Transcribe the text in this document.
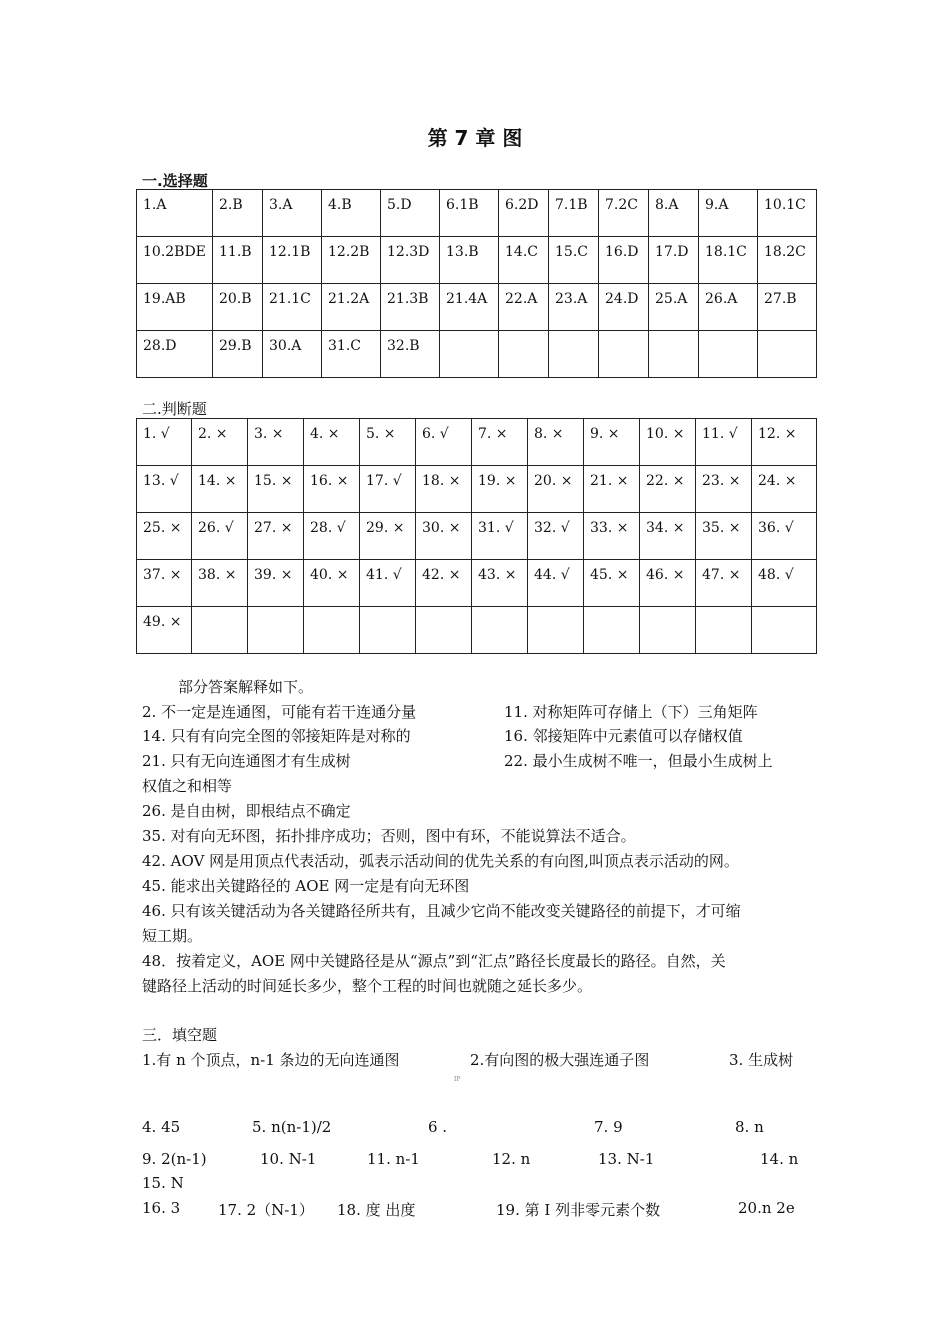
第 7 章 图
一.选择题
1.A	2.B	3.A	4.B	5.D	6.1B	6.2D	7.1B	7.2C	8.A	9.A	10.1C
10.2BDE	11.B	12.1B	12.2B	12.3D	13.B	14.C	15.C	16.D	17.D	18.1C	18.2C
19.AB	20.B	21.1C	21.2A	21.3B	21.4A	22.A	23.A	24.D	25.A	26.A	27.B
28.D	29.B	30.A	31.C	32.B							
二.判断题
1. √	2. ×	3. ×	4. ×	5. ×	6. √	7. ×	8. ×	9. ×	10. ×	11. √	12. ×
13. √	14. ×	15. ×	16. ×	17. √	18. ×	19. ×	20. ×	21. ×	22. ×	23. ×	24. ×
25. ×	26. √	27. ×	28. √	29. ×	30. ×	31. √	32. √	33. ×	34. ×	35. ×	36. √
37. ×	38. ×	39. ×	40. ×	41. √	42. ×	43. ×	44. √	45. ×	46. ×	47. ×	48. √
49. ×											
部分答案解释如下。
2. 不一定是连通图，可能有若干连通分量	11. 对称矩阵可存储上（下）三角矩阵
14. 只有有向完全图的邻接矩阵是对称的	16. 邻接矩阵中元素值可以存储权值
21. 只有无向连通图才有生成树	22. 最小生成树不唯一，但最小生成树上
权值之和相等
26. 是自由树，即根结点不确定
35. 对有向无环图，拓扑排序成功；否则，图中有环，不能说算法不适合。
42. AOV 网是用顶点代表活动，弧表示活动间的优先关系的有向图,叫顶点表示活动的网。
45. 能求出关键路径的 AOE 网一定是有向无环图
46. 只有该关键活动为各关键路径所共有，且减少它尚不能改变关键路径的前提下，才可缩
短工期。
48．按着定义，AOE 网中关键路径是从“源点”到“汇点”路径长度最长的路径。自然，关
键路径上活动的时间延长多少，整个工程的时间也就随之延长多少。
三．填空题
1.有 n 个顶点，n-1 条边的无向连通图	2.有向图的极大强连通子图	3. 生成树
IP
4. 45	5. n(n-1)/2	6 .	7. 9	8. n
9. 2(n-1)	10. N-1	11. n-1	12. n	13. N-1	14. n
15. N
16. 3	17. 2（N-1） 18. 度 出度	19. 第 I 列非零元素个数	20.n 2e
